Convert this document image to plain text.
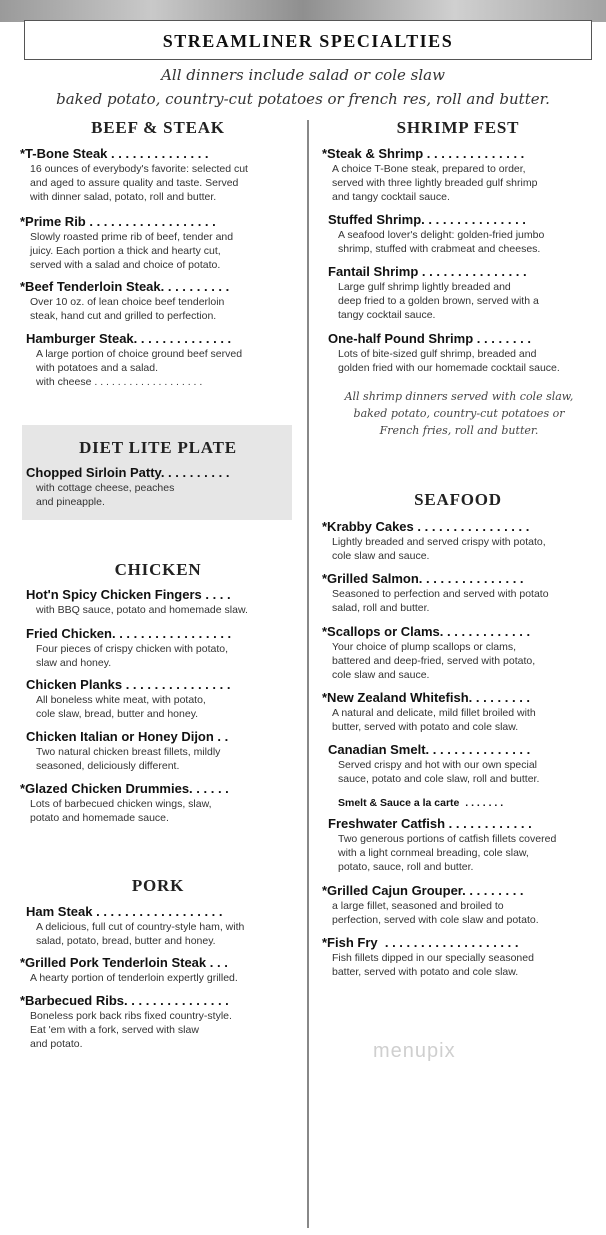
STREAMLINER SPECIALTIES
All dinners include salad or cole slaw
baked potato, country-cut potatoes or french res, roll and butter.
BEEF & STEAK
*T-Bone Steak . . . . . . . . . . . . . .
16 ounces of everybody's favorite: selected cut
and aged to assure quality and taste. Served
with dinner salad, potato, roll and butter.
*Prime Rib . . . . . . . . . . . . . . . . . .
Slowly roasted prime rib of beef, tender and
juicy. Each portion a thick and hearty cut,
served with a salad and choice of potato.
*Beef Tenderloin Steak. . . . . . . . . .
Over 10 oz. of lean choice beef tenderloin
steak, hand cut and grilled to perfection.
Hamburger Steak. . . . . . . . . . . . . .
A large portion of choice ground beef served
with potatoes and a salad.
with cheese . . . . . . . . . . . . . . . . . . .
DIET LITE PLATE
Chopped Sirloin Patty. . . . . . . . . .
with cottage cheese, peaches
and pineapple.
CHICKEN
Hot'n Spicy Chicken Fingers . . . .
with BBQ sauce, potato and homemade slaw.
Fried Chicken. . . . . . . . . . . . . . . . .
Four pieces of crispy chicken with potato,
slaw and honey.
Chicken Planks . . . . . . . . . . . . . . .
All boneless white meat, with potato,
cole slaw, bread, butter and honey.
Chicken Italian or Honey Dijon . .
Two natural chicken breast fillets, mildly
seasoned, deliciously different.
*Glazed Chicken Drummies. . . . . .
Lots of barbecued chicken wings, slaw,
potato and homemade sauce.
PORK
Ham Steak . . . . . . . . . . . . . . . . . .
A delicious, full cut of country-style ham, with
salad, potato, bread, butter and honey.
*Grilled Pork Tenderloin Steak . . .
A hearty portion of tenderloin expertly grilled.
*Barbecued Ribs. . . . . . . . . . . . . . .
Boneless pork back ribs fixed country-style.
Eat 'em with a fork, served with slaw
and potato.
SHRIMP FEST
*Steak & Shrimp . . . . . . . . . . . . . .
A choice T-Bone steak, prepared to order,
served with three lightly breaded gulf shrimp
and tangy cocktail sauce.
Stuffed Shrimp. . . . . . . . . . . . . . .
A seafood lover's delight: golden-fried jumbo
shrimp, stuffed with crabmeat and cheeses.
Fantail Shrimp . . . . . . . . . . . . . . .
Large gulf shrimp lightly breaded and
deep fried to a golden brown, served with a
tangy cocktail sauce.
One-half Pound Shrimp . . . . . . . .
Lots of bite-sized gulf shrimp, breaded and
golden fried with our homemade cocktail sauce.
All shrimp dinners served with cole slaw,
baked potato, country-cut potatoes or
French fries, roll and butter.
SEAFOOD
*Krabby Cakes . . . . . . . . . . . . . . . .
Lightly breaded and served crispy with potato,
cole slaw and sauce.
*Grilled Salmon. . . . . . . . . . . . . . .
Seasoned to perfection and served with potato
salad, roll and butter.
*Scallops or Clams. . . . . . . . . . . . .
Your choice of plump scallops or clams,
battered and deep-fried, served with potato,
cole slaw and sauce.
*New Zealand Whitefish. . . . . . . . .
A natural and delicate, mild fillet broiled with
butter, served with potato and cole slaw.
Canadian Smelt. . . . . . . . . . . . . . .
Served crispy and hot with our own special
sauce, potato and cole slaw, roll and butter.
Smelt & Sauce a la carte  . . . . . . .
Freshwater Catfish . . . . . . . . . . . .
Two generous portions of catfish fillets covered
with a light cornmeal breading, cole slaw,
potato, sauce, roll and butter.
*Grilled Cajun Grouper. . . . . . . . .
a large fillet, seasoned and broiled to
perfection, served with cole slaw and potato.
*Fish Fry  . . . . . . . . . . . . . . . . . . .
Fish fillets dipped in our specially seasoned
batter, served with potato and cole slaw.
menupix
